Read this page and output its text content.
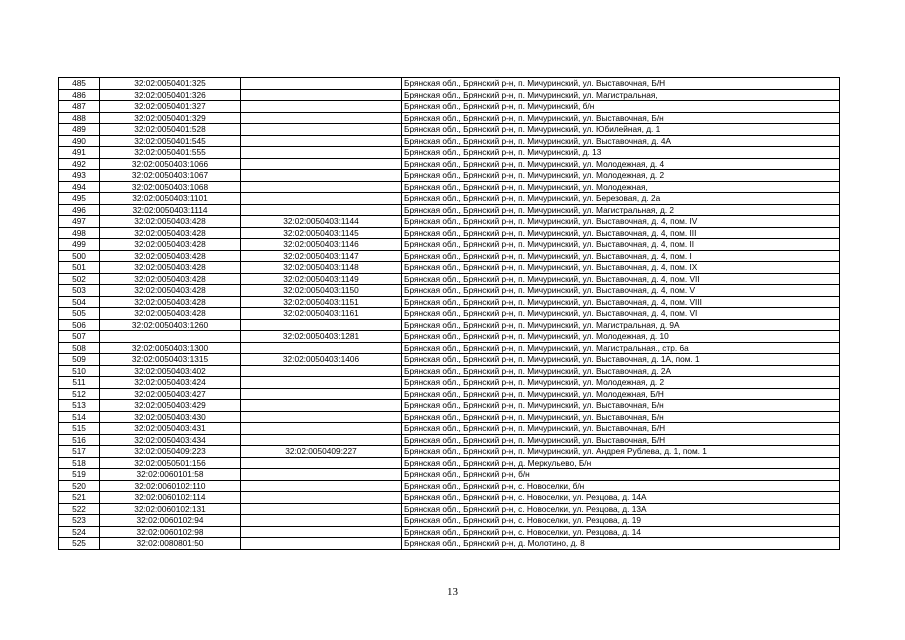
485	32:02:0050401:325		Брянская обл., Брянский р-н, п. Мичуринский, ул. Выставочная, Б/Н
486	32:02:0050401:326		Брянская обл., Брянский р-н, п. Мичуринский, ул. Магистральная,
487	32:02:0050401:327		Брянская обл., Брянский р-н, п. Мичуринский, б/н
488	32:02:0050401:329		Брянская обл., Брянский р-н, п. Мичуринский, ул. Выставочная, Б/н
489	32:02:0050401:528		Брянская обл., Брянский р-н, п. Мичуринский, ул. Юбилейная, д. 1
490	32:02:0050401:545		Брянская обл., Брянский р-н, п. Мичуринский, ул. Выставочная, д. 4А
491	32:02:0050401:555		Брянская обл., Брянский р-н, п. Мичуринский, д. 13
492	32:02:0050403:1066		Брянская обл., Брянский р-н, п. Мичуринский, ул. Молодежная, д. 4
493	32:02:0050403:1067		Брянская обл., Брянский р-н, п. Мичуринский, ул. Молодежная, д. 2
494	32:02:0050403:1068		Брянская обл., Брянский р-н, п. Мичуринский, ул. Молодежная,
495	32:02:0050403:1101		Брянская обл., Брянский р-н, п. Мичуринский, ул. Березовая, д. 2а
496	32:02:0050403:1114		Брянская обл., Брянский р-н, п. Мичуринский, ул. Магистральная, д. 2
497	32:02:0050403:428	32:02:0050403:1144	Брянская обл., Брянский р-н, п. Мичуринский, ул. Выставочная, д. 4, пом. IV
498	32:02:0050403:428	32:02:0050403:1145	Брянская обл., Брянский р-н, п. Мичуринский, ул. Выставочная, д. 4, пом. III
499	32:02:0050403:428	32:02:0050403:1146	Брянская обл., Брянский р-н, п. Мичуринский, ул. Выставочная, д. 4, пом. II
500	32:02:0050403:428	32:02:0050403:1147	Брянская обл., Брянский р-н, п. Мичуринский, ул. Выставочная, д. 4, пом. I
501	32:02:0050403:428	32:02:0050403:1148	Брянская обл., Брянский р-н, п. Мичуринский, ул. Выставочная, д. 4, пом. IX
502	32:02:0050403:428	32:02:0050403:1149	Брянская обл., Брянский р-н, п. Мичуринский, ул. Выставочная, д. 4, пом. VII
503	32:02:0050403:428	32:02:0050403:1150	Брянская обл., Брянский р-н, п. Мичуринский, ул. Выставочная, д. 4, пом. V
504	32:02:0050403:428	32:02:0050403:1151	Брянская обл., Брянский р-н, п. Мичуринский, ул. Выставочная, д. 4, пом. VIII
505	32:02:0050403:428	32:02:0050403:1161	Брянская обл., Брянский р-н, п. Мичуринский, ул. Выставочная, д. 4, пом. VI
506	32:02:0050403:1260		Брянская обл., Брянский р-н, п. Мичуринский, ул. Магистральная, д. 9А
507		32:02:0050403:1281	Брянская обл., Брянский р-н, п. Мичуринский, ул. Молодежная, д. 10
508	32:02:0050403:1300		Брянская обл., Брянский р-н, п. Мичуринский, ул. Магистральная., стр. 6а
509	32:02:0050403:1315	32:02:0050403:1406	Брянская обл., Брянский р-н, п. Мичуринский, ул. Выставочная, д. 1А, пом. 1
510	32:02:0050403:402		Брянская обл., Брянский р-н, п. Мичуринский, ул. Выставочная, д. 2А
511	32:02:0050403:424		Брянская обл., Брянский р-н, п. Мичуринский, ул. Молодежная, д. 2
512	32:02:0050403:427		Брянская обл., Брянский р-н, п. Мичуринский, ул. Молодежная, Б/Н
513	32:02:0050403:429		Брянская обл., Брянский р-н, п. Мичуринский, ул. Выставочная, Б/н
514	32:02:0050403:430		Брянская обл., Брянский р-н, п. Мичуринский, ул. Выставочная, Б/н
515	32:02:0050403:431		Брянская обл., Брянский р-н, п. Мичуринский, ул. Выставочная, Б/Н
516	32:02:0050403:434		Брянская обл., Брянский р-н, п. Мичуринский, ул. Выставочная, Б/Н
517	32:02:0050409:223	32:02:0050409:227	Брянская обл., Брянский р-н, п. Мичуринский, ул. Андрея Рублева, д. 1, пом. 1
518	32:02:0050501:156		Брянская обл., Брянский р-н, д. Меркульево, Б/н
519	32:02:0060101:58		Брянская обл., Брянский р-н, б/н
520	32:02:0060102:110		Брянская обл., Брянский р-н, с. Новоселки, б/н
521	32:02:0060102:114		Брянская обл., Брянский р-н, с. Новоселки, ул. Резцова, д. 14А
522	32:02:0060102:131		Брянская обл., Брянский р-н, с. Новоселки, ул. Резцова, д. 13А
523	32:02:0060102:94		Брянская обл., Брянский р-н, с. Новоселки, ул. Резцова, д. 19
524	32:02:0060102:98		Брянская обл., Брянский р-н, с. Новоселки, ул. Резцова, д. 14
525	32:02:0080801:50		Брянская обл., Брянский р-н, д. Молотино, д. 8
13
